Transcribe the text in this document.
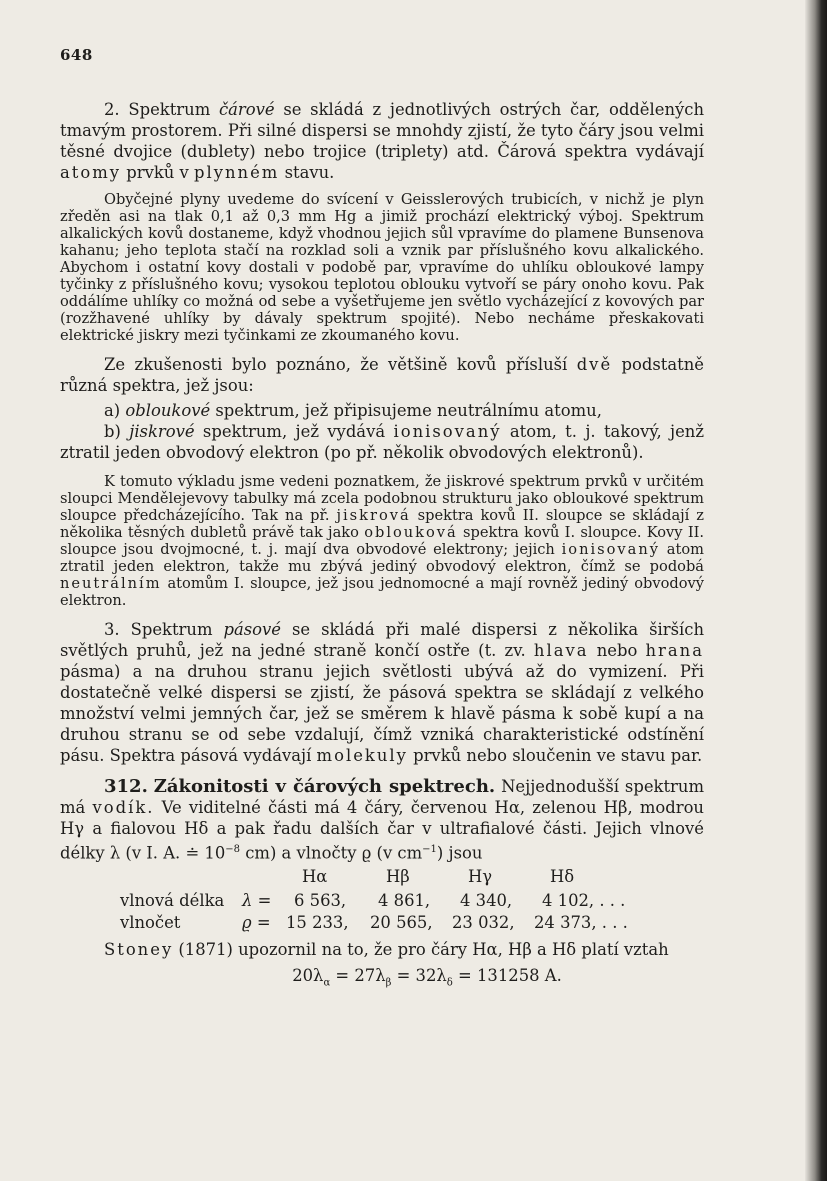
648

2. Spektrum čárové se skládá z jednotlivých ostrých čar, oddělených tmavým prostorem. Při silné dispersi se mnohdy zjistí, že tyto čáry jsou velmi těsné dvojice (dublety) nebo trojice (triplety) atd. Čárová spektra vydávají atomy prvků v plynném stavu.

Obyčejné plyny uvedeme do svícení v Geisslerových trubicích, v nichž je plyn zředěn asi na tlak 0,1 až 0,3 mm Hg a jimiž prochází elektrický výboj. Spektrum alkalických kovů dostaneme, když vhodnou jejich sůl vpravíme do plamene Bunsenova kahanu; jeho teplota stačí na rozklad soli a vznik par příslušného kovu alkalického. Abychom i ostatní kovy dostali v podobě par, vpravíme do uhlíku obloukové lampy tyčinky z příslušného kovu; vysokou teplotou oblouku vytvoří se páry onoho kovu. Pak oddálíme uhlíky co možná od sebe a vyšetřujeme jen světlo vycházející z kovových par (rozžhavené uhlíky by dávaly spektrum spojité). Nebo necháme přeskakovati elektrické jiskry mezi tyčinkami ze zkoumaného kovu.

Ze zkušenosti bylo poznáno, že většině kovů přísluší dvě podstatně různá spektra, jež jsou:

a) obloukové spektrum, jež připisujeme neutrálnímu atomu,

b) jiskrové spektrum, jež vydává ionisovaný atom, t. j. takový, jenž ztratil jeden obvodový elektron (po př. několik obvodových elektronů).

K tomuto výkladu jsme vedeni poznatkem, že jiskrové spektrum prvků v určitém sloupci Mendělejevovy tabulky má zcela podobnou strukturu jako obloukové spektrum sloupce předcházejícího. Tak na př. jiskrová spektra kovů II. sloupce se skládají z několika těsných dubletů právě tak jako oblouková spektra kovů I. sloupce. Kovy II. sloupce jsou dvojmocné, t. j. mají dva obvodové elektrony; jejich ionisovaný atom ztratil jeden elektron, takže mu zbývá jediný obvodový elektron, čímž se podobá neutrálním atomům I. sloupce, jež jsou jednomocné a mají rovněž jediný obvodový elektron.

3. Spektrum pásové se skládá při malé dispersi z několika širších světlých pruhů, jež na jedné straně končí ostře (t. zv. hlava nebo hrana pásma) a na druhou stranu jejich světlosti ubývá až do vymizení. Při dostatečně velké dispersi se zjistí, že pásová spektra se skládají z velkého množství velmi jemných čar, jež se směrem k hlavě pásma k sobě kupí a na druhou stranu se od sebe vzdalují, čímž vzniká charakteristické odstínění pásu. Spektra pásová vydávají molekuly prvků nebo sloučenin ve stavu par.

312. Zákonitosti v čárových spektrech. Nejjednodušší spektrum má vodík. Ve viditelné části má 4 čáry, červenou Hα, zelenou Hβ, modrou Hγ a fialovou Hδ a pak řadu dalších čar v ultrafialové části. Jejich vlnové délky λ (v I. A. ≐ $10^{-8}$ cm) a vlnočty ϱ (v $cm^{-1}$) jsou

Hα	Hβ	Hγ	Hδ
vlnová délka λ = 6 563, 4 861, 4 340, 4 102, . . .
vlnočet	ϱ = 15 233, 20 565, 23 032, 24 373, . . .

Stoney (1871) upozornil na to, že pro čáry Hα, Hβ a Hδ platí vztah

$20\lambda_\alpha = 27\lambda_\beta = 32\lambda_\delta = 131258$ A.
